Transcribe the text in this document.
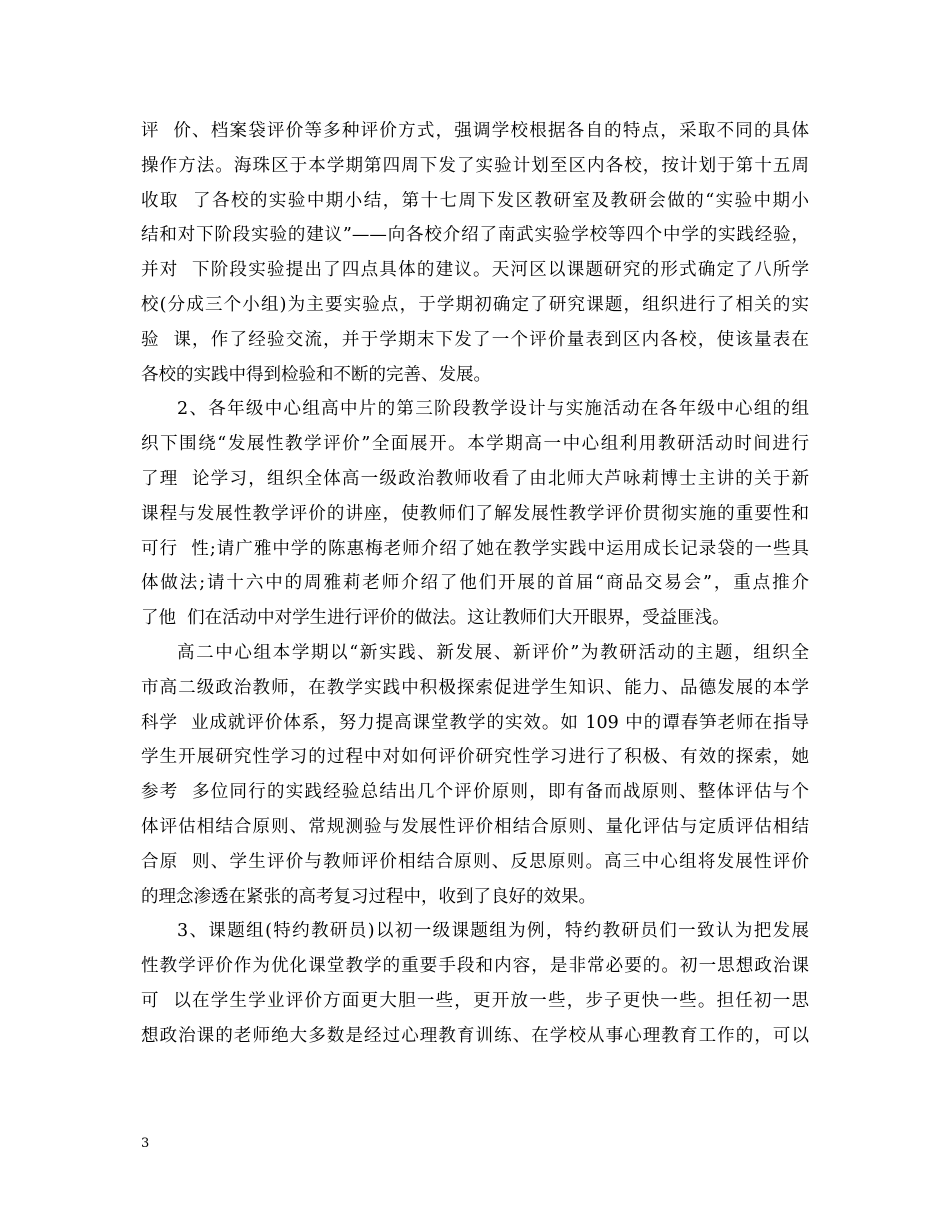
评  价、档案袋评价等多种评价方式，强调学校根据各自的特点，采取不同的具体
操作方法。海珠区于本学期第四周下发了实验计划至区内各校，按计划于第十五周
收取  了各校的实验中期小结，第十七周下发区教研室及教研会做的“实验中期小
结和对下阶段实验的建议”——向各校介绍了南武实验学校等四个中学的实践经验，
并对  下阶段实验提出了四点具体的建议。天河区以课题研究的形式确定了八所学
校(分成三个小组)为主要实验点，于学期初确定了研究课题，组织进行了相关的实
验  课，作了经验交流，并于学期末下发了一个评价量表到区内各校，使该量表在
各校的实践中得到检验和不断的完善、发展。
2、各年级中心组高中片的第三阶段教学设计与实施活动在各年级中心组的组
织下围绕“发展性教学评价”全面展开。本学期高一中心组利用教研活动时间进行
了理  论学习，组织全体高一级政治教师收看了由北师大芦咏莉博士主讲的关于新
课程与发展性教学评价的讲座，使教师们了解发展性教学评价贯彻实施的重要性和
可行  性;请广雅中学的陈惠梅老师介绍了她在教学实践中运用成长记录袋的一些具
体做法;请十六中的周雅莉老师介绍了他们开展的首届“商品交易会”，重点推介
了他  们在活动中对学生进行评价的做法。这让教师们大开眼界，受益匪浅。
高二中心组本学期以“新实践、新发展、新评价”为教研活动的主题，组织全
市高二级政治教师，在教学实践中积极探索促进学生知识、能力、品德发展的本学
科学  业成就评价体系，努力提高课堂教学的实效。如 109 中的谭春笋老师在指导
学生开展研究性学习的过程中对如何评价研究性学习进行了积极、有效的探索，她
参考  多位同行的实践经验总结出几个评价原则，即有备而战原则、整体评估与个
体评估相结合原则、常规测验与发展性评价相结合原则、量化评估与定质评估相结
合原  则、学生评价与教师评价相结合原则、反思原则。高三中心组将发展性评价
的理念渗透在紧张的高考复习过程中，收到了良好的效果。
3、课题组(特约教研员)以初一级课题组为例，特约教研员们一致认为把发展
性教学评价作为优化课堂教学的重要手段和内容，是非常必要的。初一思想政治课
可  以在学生学业评价方面更大胆一些，更开放一些，步子更快一些。担任初一思
想政治课的老师绝大多数是经过心理教育训练、在学校从事心理教育工作的，可以
3
